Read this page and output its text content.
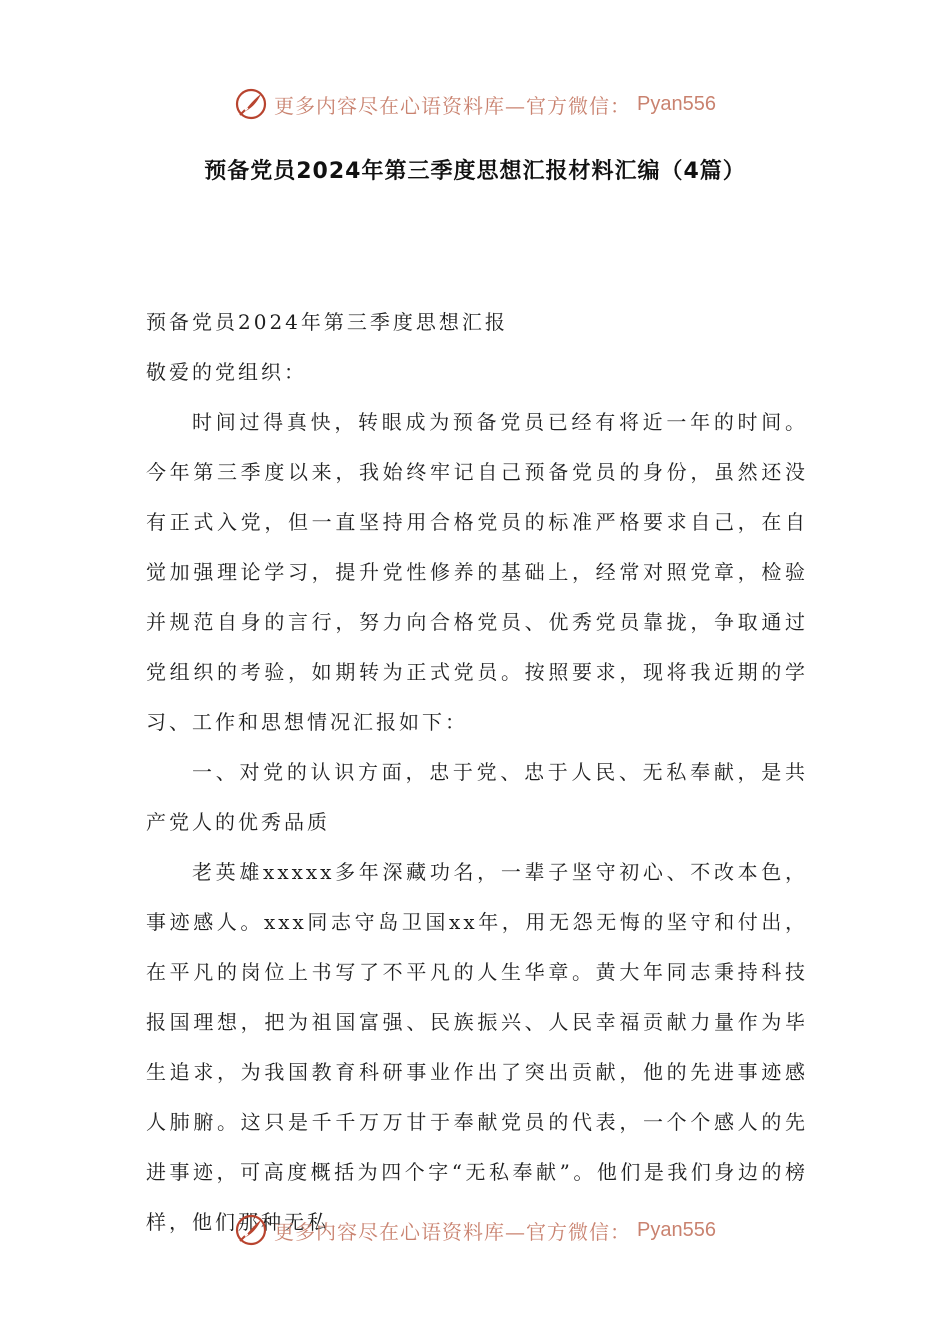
更多内容尽在心语资料库—官方微信： Pyan556
预备党员2024年第三季度思想汇报材料汇编（4篇）

预备党员2024年第三季度思想汇报

敬爱的党组织：

时间过得真快，转眼成为预备党员已经有将近一年的时间。今年第三季度以来，我始终牢记自己预备党员的身份，虽然还没有正式入党，但一直坚持用合格党员的标准严格要求自己，在自觉加强理论学习，提升党性修养的基础上，经常对照党章，检验并规范自身的言行，努力向合格党员、优秀党员靠拢，争取通过党组织的考验，如期转为正式党员。按照要求，现将我近期的学习、工作和思想情况汇报如下：

一、对党的认识方面，忠于党、忠于人民、无私奉献，是共产党人的优秀品质

老英雄xxxxx多年深藏功名，一辈子坚守初心、不改本色，事迹感人。xxx同志守岛卫国xx年，用无怨无悔的坚守和付出，在平凡的岗位上书写了不平凡的人生华章。黄大年同志秉持科技报国理想，把为祖国富强、民族振兴、人民幸福贡献力量作为毕生追求，为我国教育科研事业作出了突出贡献，他的先进事迹感人肺腑。这只是千千万万甘于奉献党员的代表，一个个感人的先进事迹，可高度概括为四个字“无私奉献”。他们是我们身边的榜样，他们那种无私

更多内容尽在心语资料库—官方微信： Pyan556
